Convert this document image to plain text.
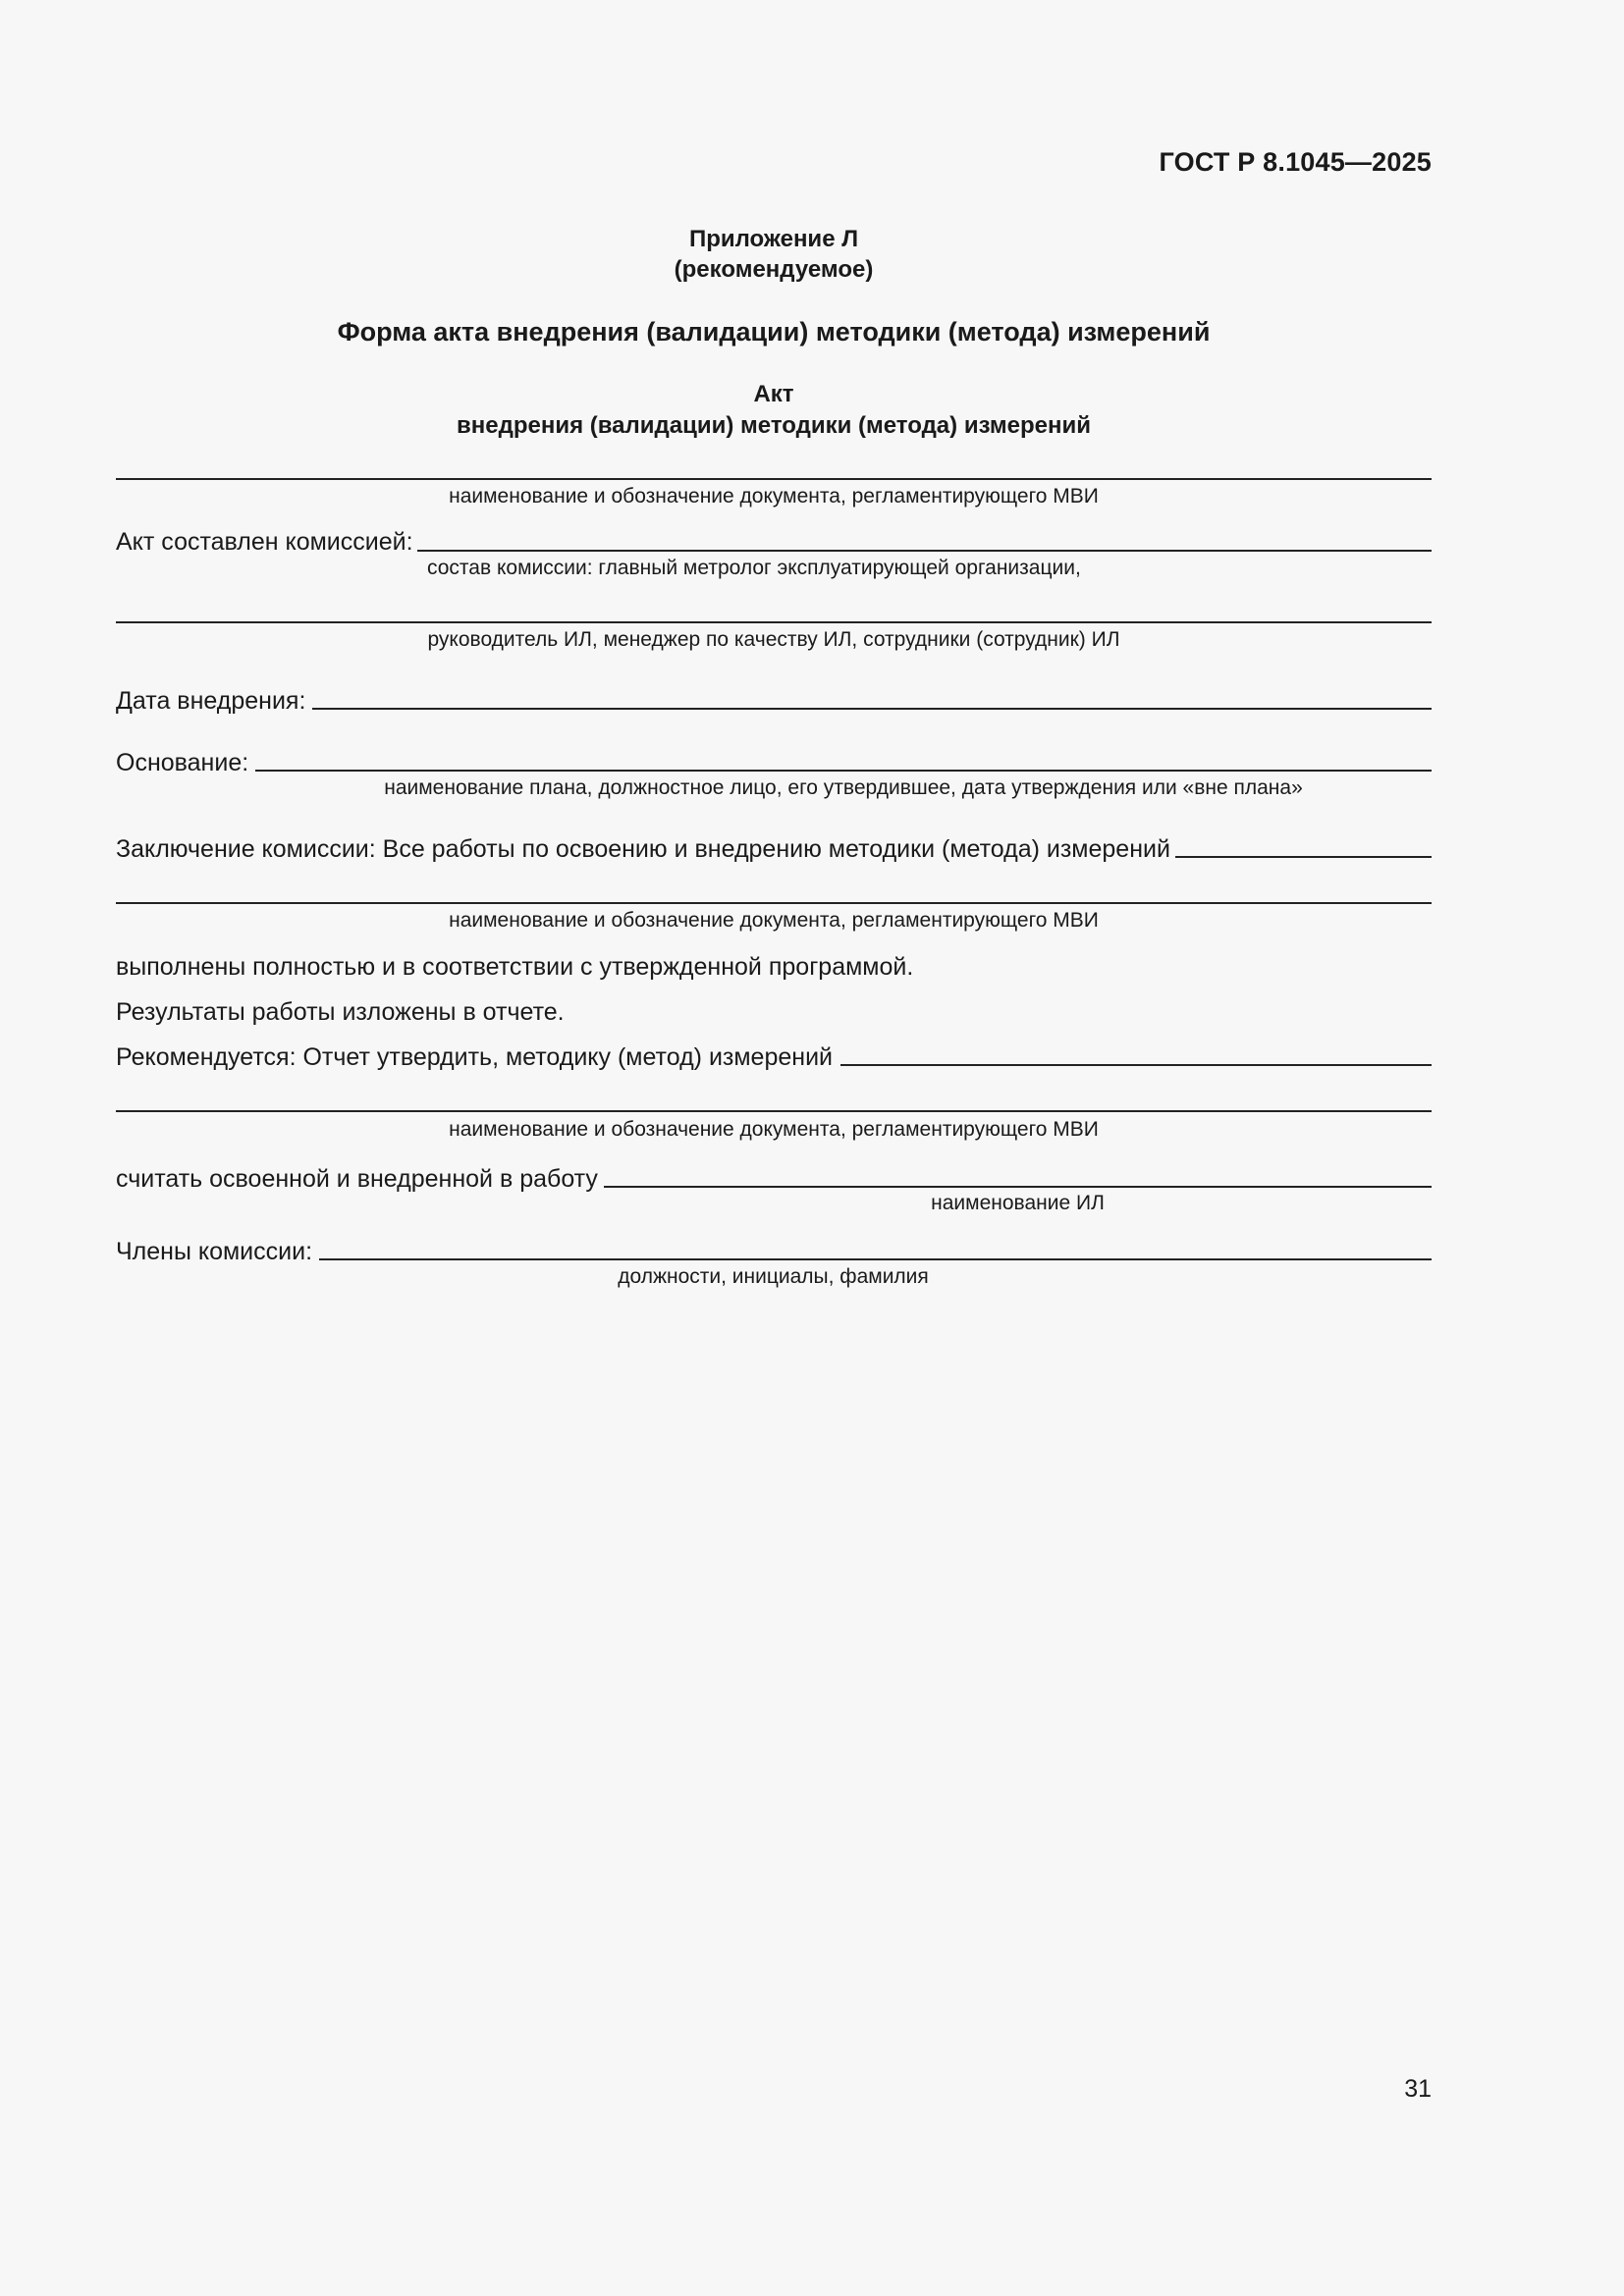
ГОСТ Р 8.1045—2025
Приложение Л
(рекомендуемое)
Форма акта внедрения (валидации) методики (метода) измерений
Акт
внедрения (валидации) методики (метода) измерений
наименование и обозначение документа, регламентирующего МВИ
Акт составлен комиссией:
состав комиссии: главный метролог эксплуатирующей организации,
руководитель ИЛ, менеджер по качеству ИЛ, сотрудники (сотрудник) ИЛ
Дата внедрения:
Основание:
наименование плана, должностное лицо, его утвердившее, дата утверждения или «вне плана»
Заключение комиссии: Все работы по освоению и внедрению методики (метода) измерений
наименование и обозначение документа, регламентирующего МВИ
выполнены полностью и в соответствии с утвержденной программой.
Результаты работы изложены в отчете.
Рекомендуется: Отчет утвердить, методику (метод) измерений
наименование и обозначение документа, регламентирующего МВИ
считать освоенной и внедренной в работу
наименование ИЛ
Члены комиссии:
должности, инициалы, фамилия
31
